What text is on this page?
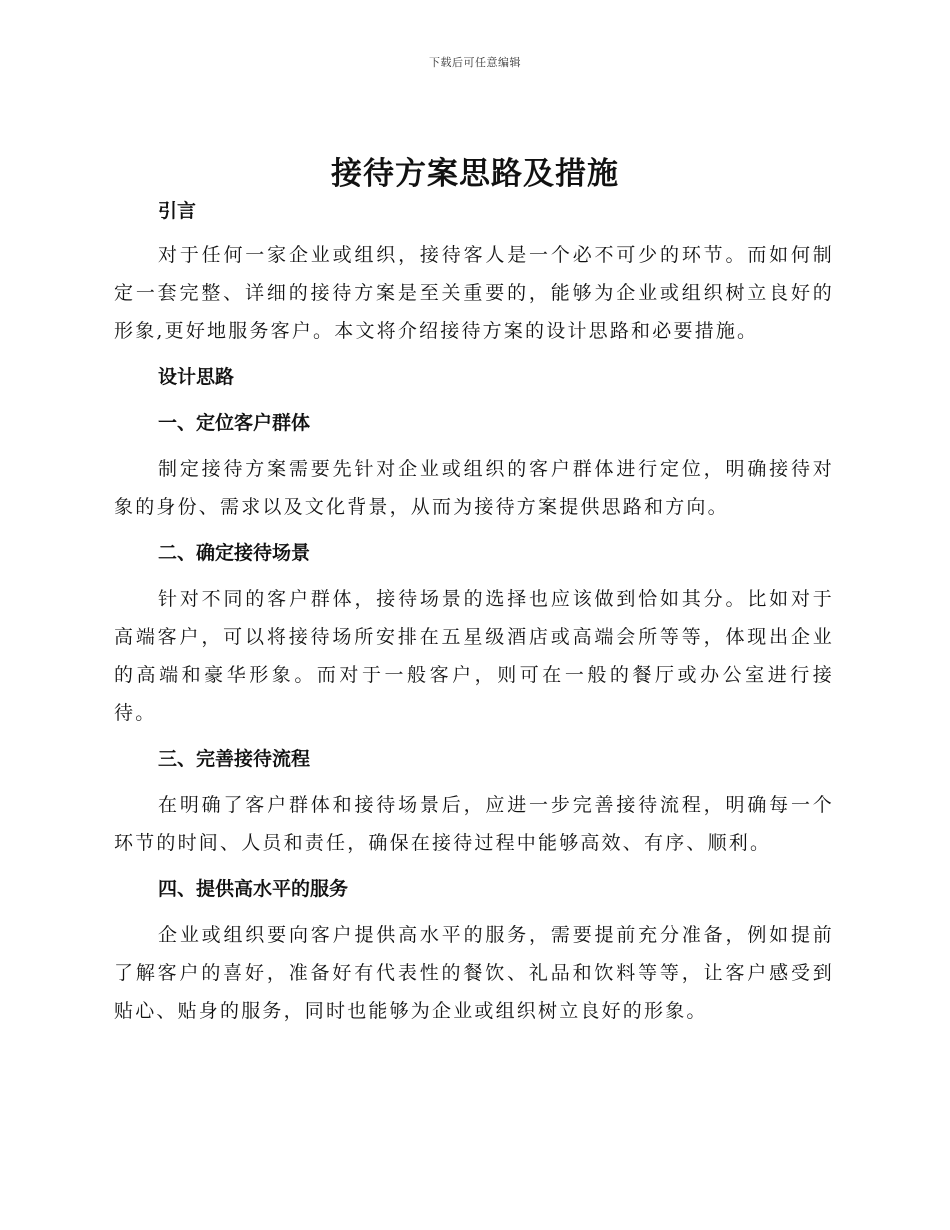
下载后可任意编辑
接待方案思路及措施
引言

对于任何一家企业或组织，接待客人是一个必不可少的环节。而如何制定一套完整、详细的接待方案是至关重要的，能够为企业或组织树立良好的形象,更好地服务客户。本文将介绍接待方案的设计思路和必要措施。

设计思路
一、定位客户群体

制定接待方案需要先针对企业或组织的客户群体进行定位，明确接待对象的身份、需求以及文化背景，从而为接待方案提供思路和方向。

二、确定接待场景

针对不同的客户群体，接待场景的选择也应该做到恰如其分。比如对于高端客户，可以将接待场所安排在五星级酒店或高端会所等等，体现出企业的高端和豪华形象。而对于一般客户，则可在一般的餐厅或办公室进行接待。

三、完善接待流程

在明确了客户群体和接待场景后，应进一步完善接待流程，明确每一个环节的时间、人员和责任，确保在接待过程中能够高效、有序、顺利。

四、提供高水平的服务

企业或组织要向客户提供高水平的服务，需要提前充分准备，例如提前了解客户的喜好，准备好有代表性的餐饮、礼品和饮料等等，让客户感受到贴心、贴身的服务，同时也能够为企业或组织树立良好的形象。
